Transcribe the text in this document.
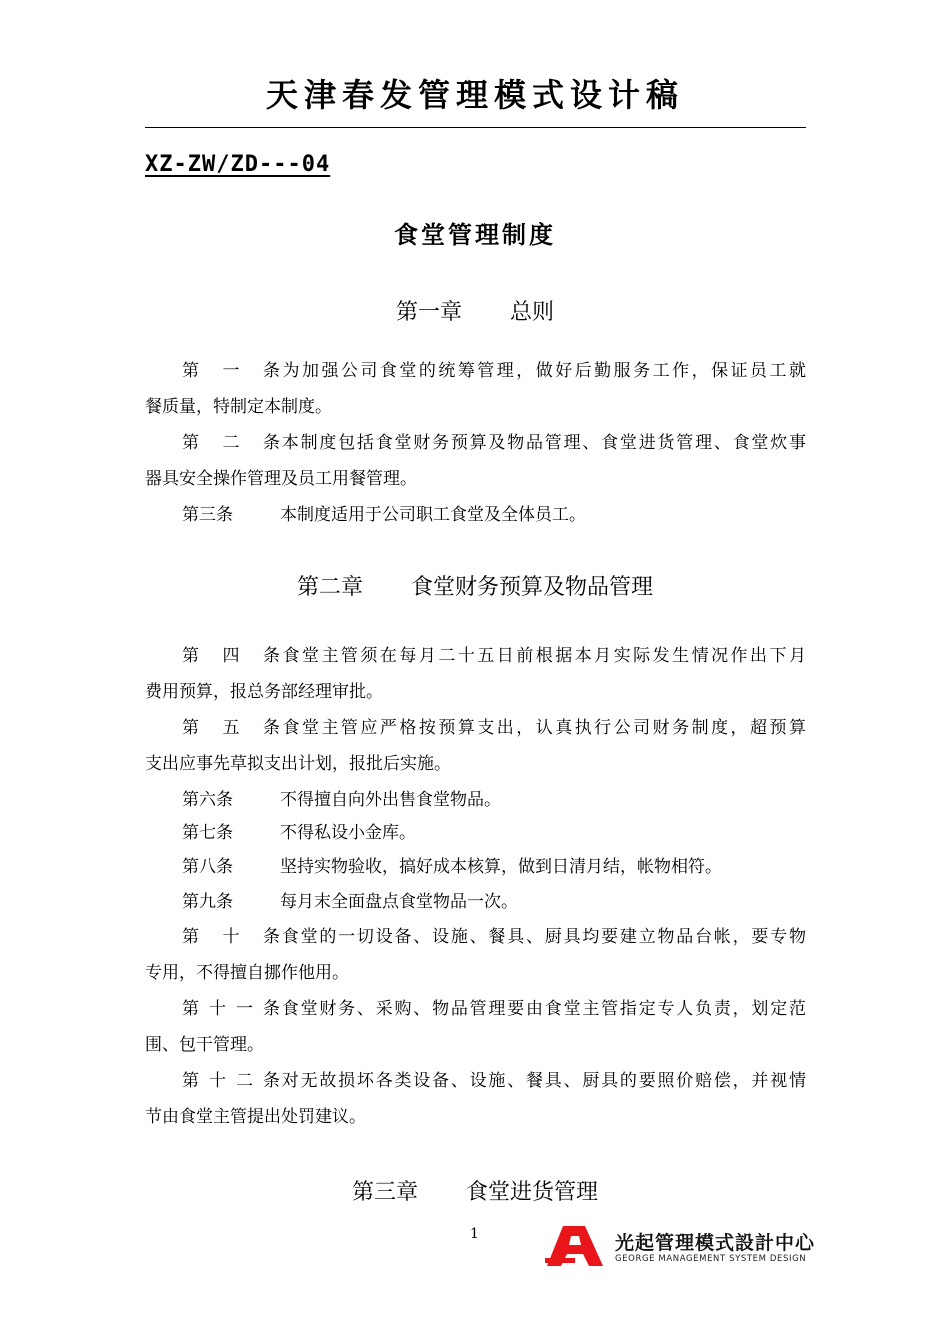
天津春发管理模式设计稿
XZ-ZW/ZD---04
食堂管理制度
第一章 总则
第一条为加强公司食堂的统筹管理，做好后勤服务工作，保证员工就
餐质量，特制定本制度。
第二条本制度包括食堂财务预算及物品管理、食堂进货管理、食堂炊事
器具安全操作管理及员工用餐管理。
第三条	本制度适用于公司职工食堂及全体员工。
第二章 食堂财务预算及物品管理
第四条食堂主管须在每月二十五日前根据本月实际发生情况作出下月
费用预算，报总务部经理审批。
第五条食堂主管应严格按预算支出，认真执行公司财务制度，超预算
支出应事先草拟支出计划，报批后实施。
第六条	不得擅自向外出售食堂物品。
第七条	不得私设小金库。
第八条	坚持实物验收，搞好成本核算，做到日清月结，帐物相符。
第九条	每月末全面盘点食堂物品一次。
第十条食堂的一切设备、设施、餐具、厨具均要建立物品台帐，要专物
专用，不得擅自挪作他用。
第十一条食堂财务、采购、物品管理要由食堂主管指定专人负责，划定范
围、包干管理。
第十二条对无故损坏各类设备、设施、餐具、厨具的要照价赔偿，并视情
节由食堂主管提出处罚建议。
第三章 食堂进货管理
1	光起管理模式設計中心
GEORGE MANAGEMENT SYSTEM DESIGN
